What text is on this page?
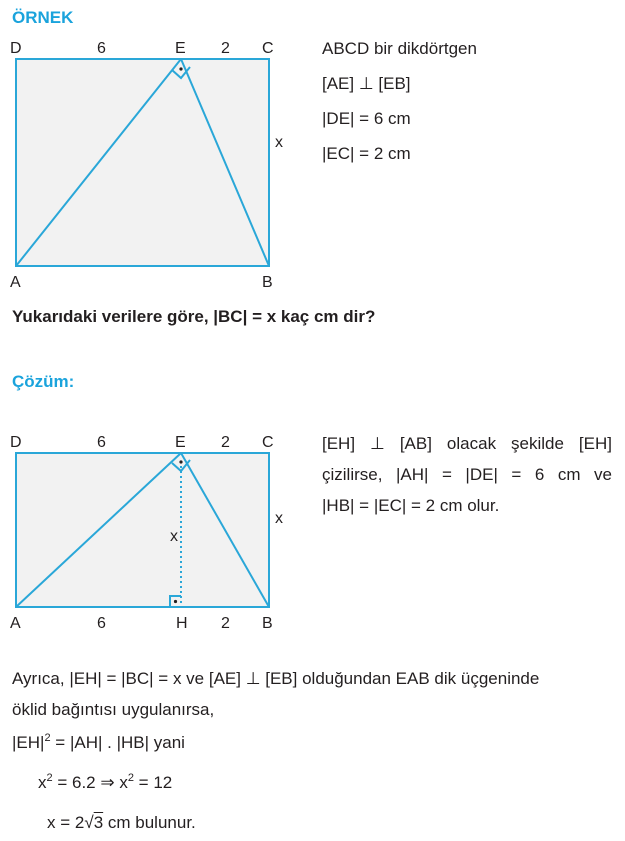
ÖRNEK
D	6	E 2 C
x
A	B
ABCD bir dikdörtgen
[AE] ⊥ [EB]
|DE| = 6 cm
|EC| = 2 cm
Yukarıdaki verilere göre, |BC| = x kaç cm dir?
Çözüm:
D	6	E 2 C
x
x
A	6	H 2 B
[EH] ⊥ [AB] olacak şekilde [EH]
çizilirse, |AH| = |DE| = 6 cm ve
|HB| = |EC| = 2 cm olur.
Ayrıca, |EH| = |BC| = x ve [AE] ⊥ [EB] olduğundan EAB dik üçgeninde
öklid bağıntısı uygulanırsa,
$|EH|^2 = |AH|$ . |HB| yani
$x^2 = 6.2$ ⇒ $x^2 = 12$
x = 2√3 cm bulunur.
